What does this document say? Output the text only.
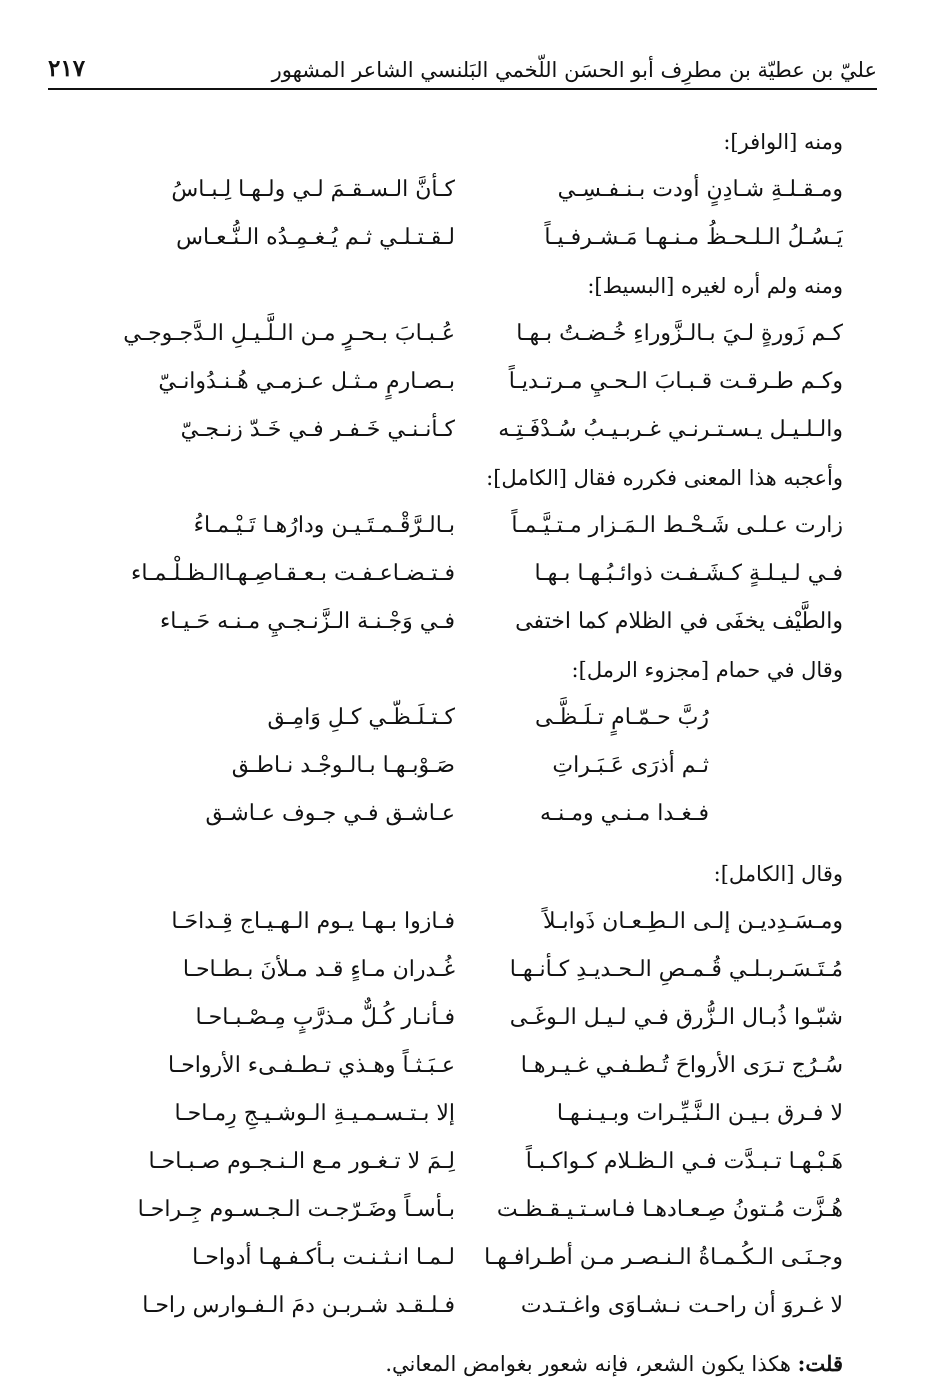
عليّ بن عطيّة بن مطرِف أبو الحسَن اللّخمي البَلنسي الشاعر المشهور
٢١٧
ومنه [الوافر]:
ومـقـلـةِ شـادِنٍ أودت بـنـفـسِـي
كـأنَّ الـسـقـمَ لـي ولـهـا لِـبـاسُ
يَـسُـلُ الـلـحـظُ مـنـهـا مَـشـرفـيـاً
لـقـتـلـي ثـم يُـغـمِـدُه الـنُّـعـاس
ومنه ولم أره لغيره [البسيط]:
كـم زَورةٍ لـيَ بـالـزَّوراءِ خُـضـتُ بـهـا
عُـبـابَ بـحـرٍ مـن الـلَّـيـلِ الـدَّجـوجـي
وكـم طـرقـت قـبـابَ الـحـيِ مـرتـديـاً
بـصـارمٍ مـثـل عـزمـي هُـنـدُوانـيّ
والـلـيـل يـسـتـرنـي غـربـيـبُ سُـدْفَـتِـه
كـأنـنـي خَـفـر فـي خَـدّ زنـجـيّ
وأعجبه هذا المعنى فكرره فقال [الكامل]:
زارت عـلـى شَـحْـط الـمَـزار مـتـيَّـمـاً
بـالـرَّقْـمـتَـيـن ودارُهـا تَـيْـمـاءُ
فـي لـيـلـةٍ كـشَـفـت ذوائـبُـهـا بـهـا
فـتـضـاعـفـت بـعـقـاصِـهـاالـظـلْـمـاء
والطَّيْف يخفَى في الظلام كما اختفى
فـي وَجْـنـة الـزَّنـجـيِ مـنـه حَـيـاء
وقال في حمام [مجزوء الرمل]:
رُبَّ حـمّـامٍ تـلَـظَّـى
كـتـلَـظّـي كـلِ وَامِـق
ثـم أذرَى عَـبَـراتِ
صَـوْبـهـا بـالـوجْـد نـاطـق
فـغـدا مـنـي ومـنـه
عـاشـق فـي جـوف عـاشـق
وقال [الكامل]:
ومـسَـدِديـن إلـى الـطِـعـان ذَوابـلاً
فـازوا بـهـا يـوم الـهـيـاج قِـداحَـا
مُـتَـسَـربـلـي قُـمـصِ الـحـديـدِ كـأنـهـا
غُـدران مـاءٍ قـد مـلأنَ بـطـاحـا
شبّـوا ذُبـال الـزُّرق فـي لـيـل الـوغَـى
فـأنـار كُـلٌّ مـذرَّبٍ مِـصْـبـاحـا
سُـرُج تـرَى الأرواحَ تُـطـفـي غـيـرهـا
عـبَـثـاً وهـذي تـطـفـىء الأرواحـا
لا فـرق بـيـن الـنَّـيِّـرات وبـيـنـهـا
إلا بـتـسـمـيـةِ الـوشـيـجِ رِمـاحـا
هَـبْـهـا تـبـدَّت فـي الـظـلام كـواكـبـاً
لِـمَ لا تـغـور مـع الـنـجـوم صـبـاحـا
هُـزَّت مُـتونُ صِـعـادهـا فـاسـتـيـقـظـت
بـأسـاً وضَـرّجـت الـجـسـوم جِـراحـا
وجـنَـى الـكُـمـاةُ الـنـصـر مـن أطـرافـهـا
لـمـا انـثـنـت بـأكـفـهـا أدواحـا
لا غـروَ أن راحـت نـشـاوَى واغـتـدت
فـلـقـد شـربـن دمَ الـفـوارس راحـا
قلت: هكذا يكون الشعر، فإنه شعور بغوامض المعاني.
